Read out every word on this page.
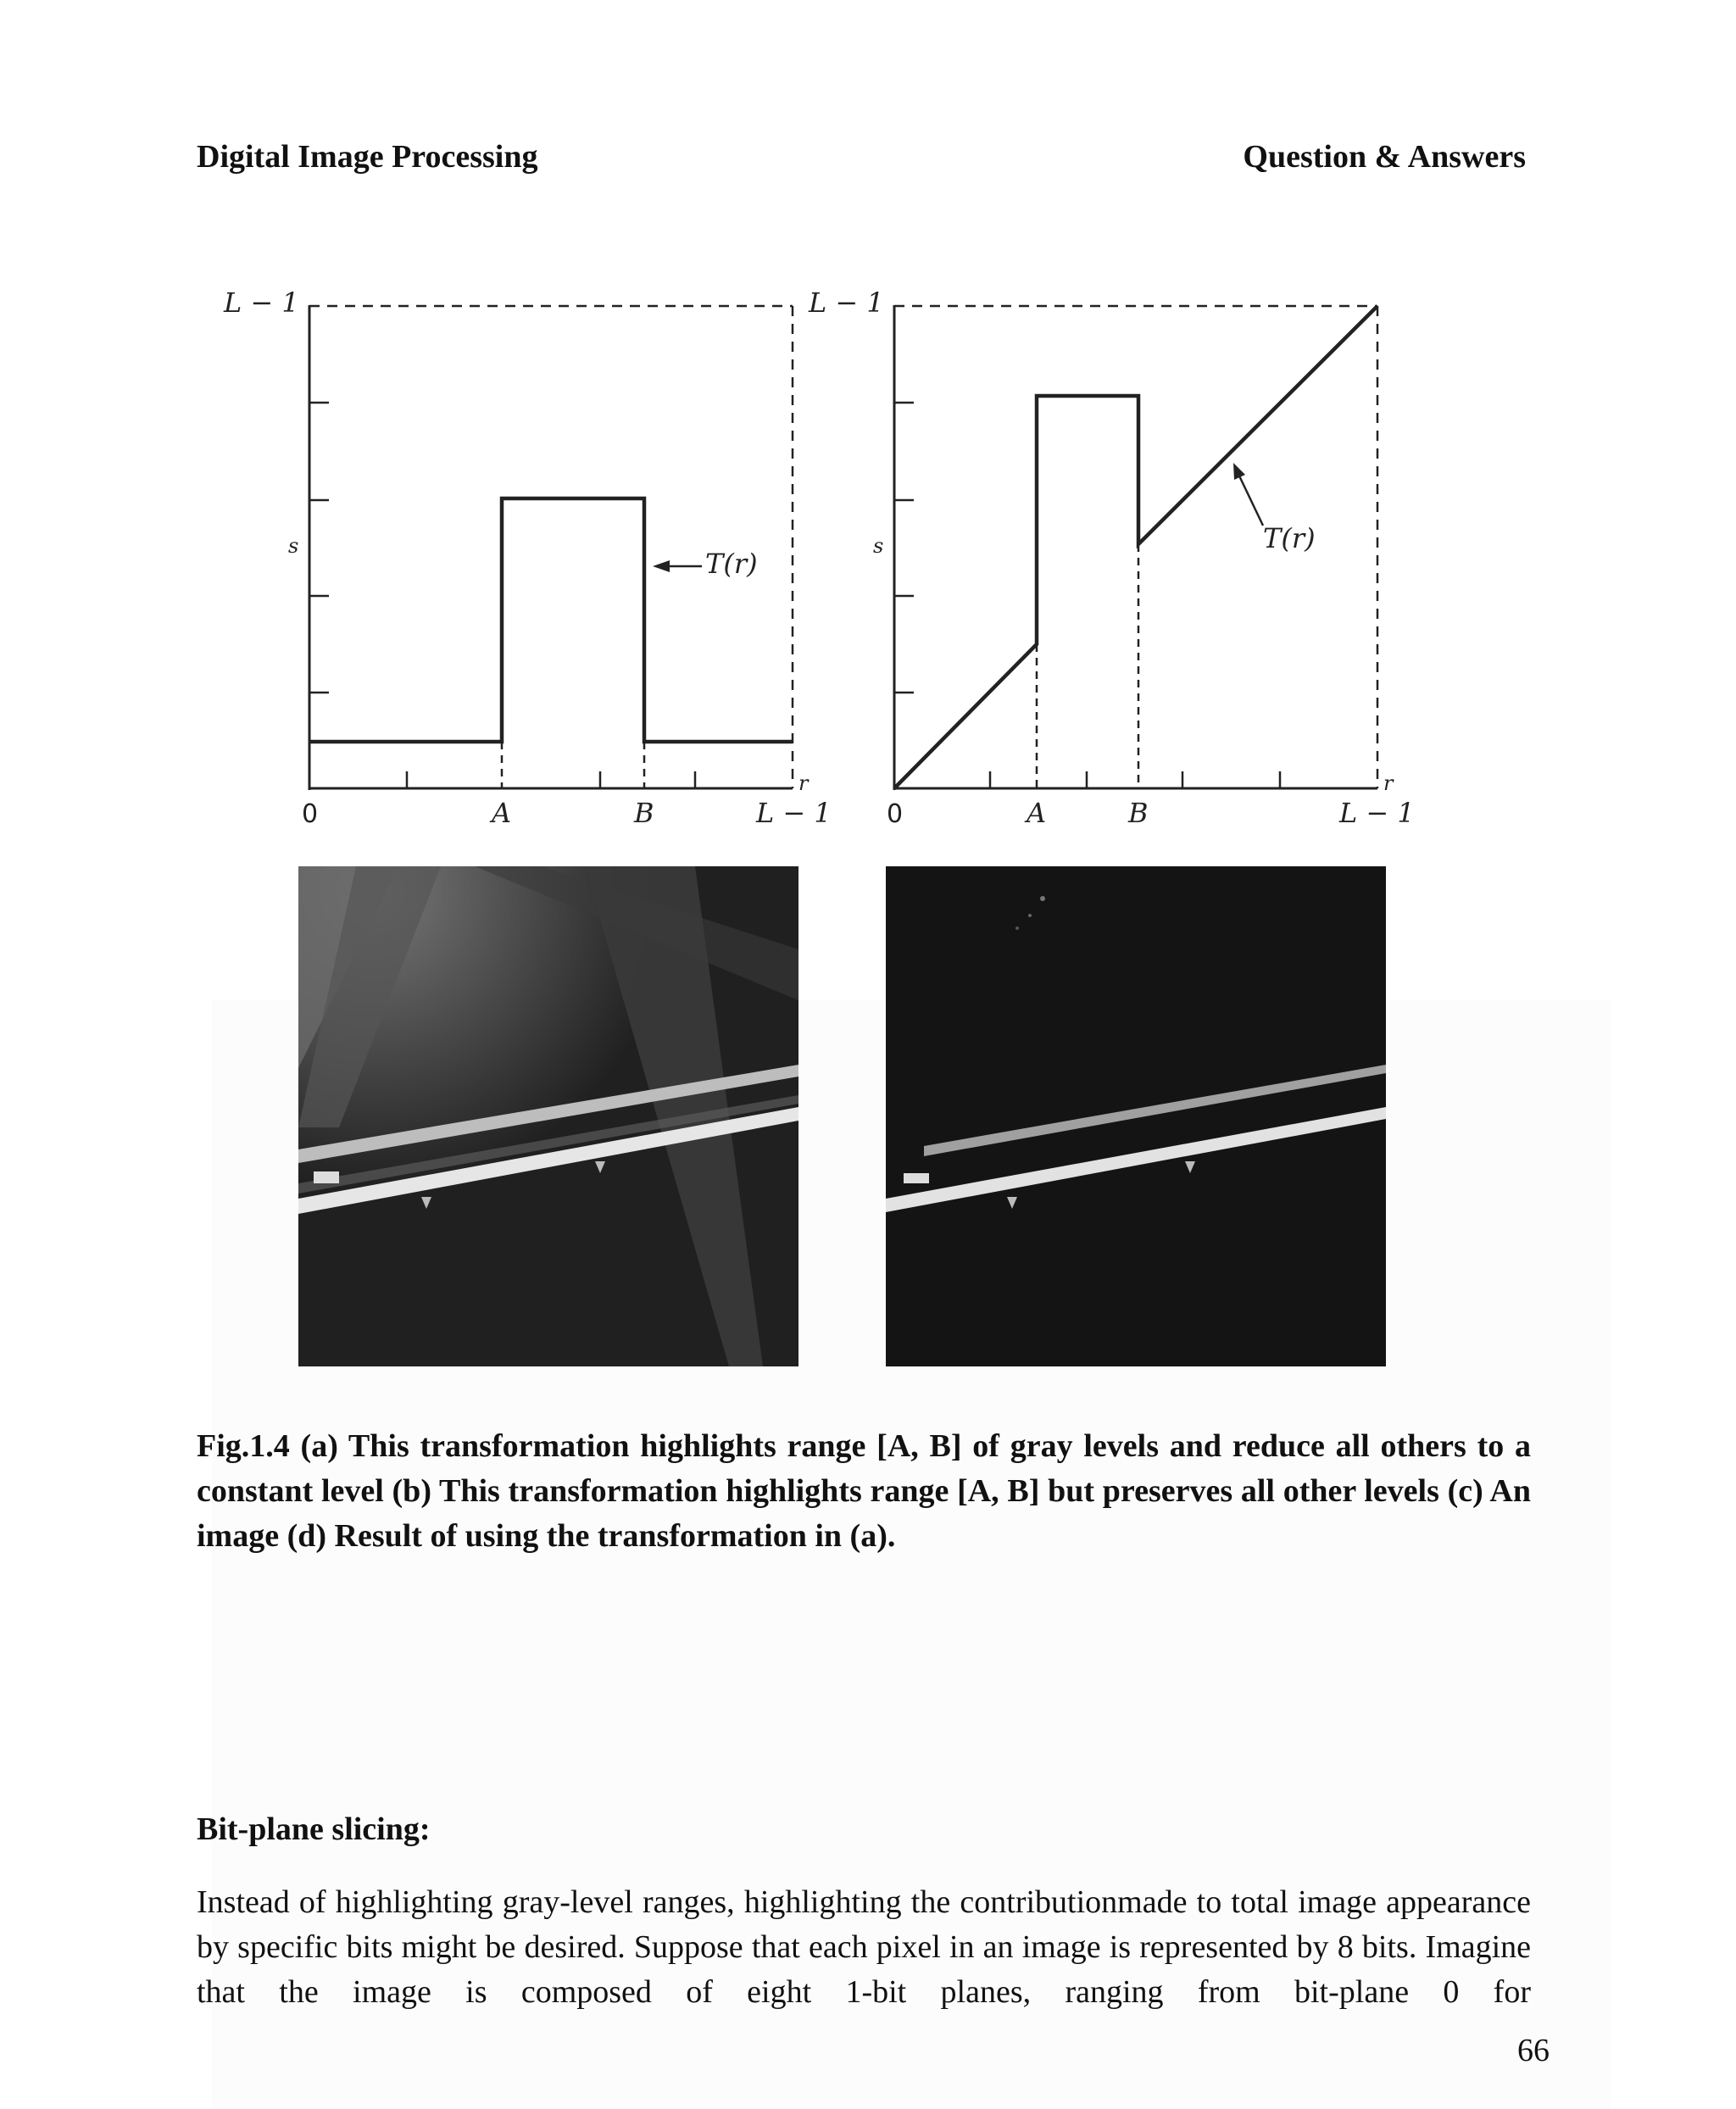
Digital Image Processing	Question & Answers
T(r)
L − 1
s
r
0	A	B	L − 1
T(r)
L − 1
s
r
0	A	B	L − 1
Fig.1.4 (a) This transformation highlights range [A, B] of gray levels and reduce all others to a constant level (b) This transformation highlights range [A, B] but preserves all other levels (c) An image (d) Result of using the transformation in (a).
Bit-plane slicing:
Instead of highlighting gray-level ranges, highlighting the contributionmade to total image appearance by specific bits might be desired. Suppose that each pixel in an image is represented by 8 bits. Imagine that the image is composed of eight 1-bit planes, ranging from bit-plane 0 for
66
